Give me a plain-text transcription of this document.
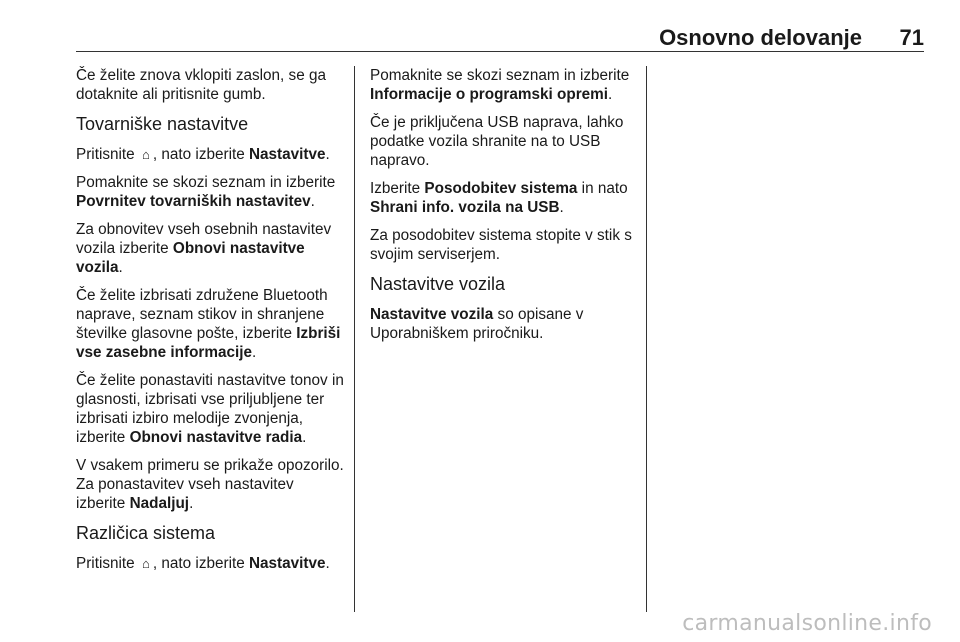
Osnovno delovanje 71

Če želite znova vklopiti zaslon, se ga dotaknite ali pritisnite gumb.

Tovarniške nastavitve

Pritisnite ⌂ , nato izberite Nastavitve.

Pomaknite se skozi seznam in izberite Povrnitev tovarniških nastavitev.

Za obnovitev vseh osebnih nastavitev vozila izberite Obnovi nastavitve vozila.

Če želite izbrisati združene Bluetooth naprave, seznam stikov in shranjene številke glasovne pošte, izberite Izbriši vse zasebne informacije.

Če želite ponastaviti nastavitve tonov in glasnosti, izbrisati vse priljubljene ter izbrisati izbiro melodije zvonjenja, izberite Obnovi nastavitve radia.

V vsakem primeru se prikaže opozorilo. Za ponastavitev vseh nastavitev izberite Nadaljuj.

Različica sistema

Pritisnite ⌂ , nato izberite Nastavitve.

Pomaknite se skozi seznam in izberite Informacije o programski opremi.

Če je priključena USB naprava, lahko podatke vozila shranite na to USB napravo.

Izberite Posodobitev sistema in nato Shrani info. vozila na USB.

Za posodobitev sistema stopite v stik s svojim serviserjem.

Nastavitve vozila

Nastavitve vozila so opisane v Uporabniškem priročniku.

carmanualsonline.info
